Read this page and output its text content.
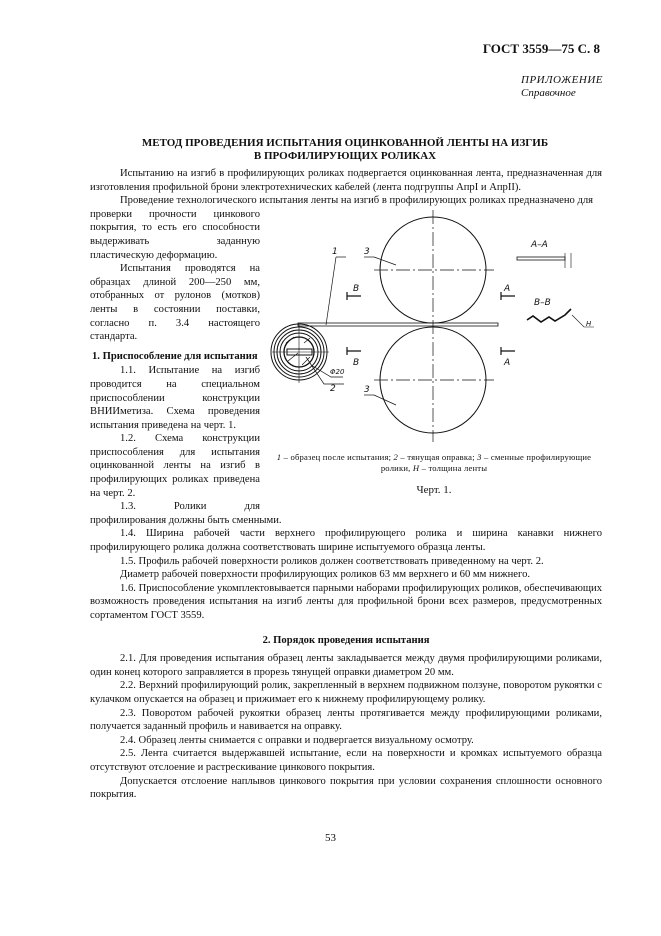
ГОСТ 3559—75 С. 8
ПРИЛОЖЕНИЕ
Справочное
МЕТОД ПРОВЕДЕНИЯ ИСПЫТАНИЯ ОЦИНКОВАННОЙ ЛЕНТЫ НА ИЗГИБ
В ПРОФИЛИРУЮЩИХ РОЛИКАХ

Испытанию на изгиб в профилирующих роликах подвергается оцинкованная лента, предназначенная для изготовления профильной брони электротехнических кабелей (лента подгруппы АпрI и АпрII).

Проведение технологического испытания ленты на изгиб в профилирующих роликах предназначено для

1	3
3
Φ20
2
В
В
А
А
А–А
В–В
Н
1 – образец после испытания; 2 – тянущая оправка; 3 – сменные профилирующие ролики, Н – толщина ленты
Черт. 1.

проверки прочности цинкового покрытия, то есть его способности выдерживать заданную пластическую деформацию.

Испытания проводятся на образцах длиной 200—250 мм, отобранных от рулонов (мотков) ленты в состоянии поставки, согласно п. 3.4 настоящего стандарта.

1. Приспособление для испытания

1.1. Испытание на изгиб проводится на специальном приспособлении конструкции ВНИИметиза. Схема проведения испытания приведена на черт. 1.

1.2. Схема конструкции приспособления для испытания оцинкованной ленты на изгиб в профилирующих роликах приведена на черт. 2.

1.3. Ролики для профилирования должны быть сменными.

1.4. Ширина рабочей части верхнего профилирующего ролика и ширина канавки нижнего профилирующего ролика должна соответствовать ширине испытуемого образца ленты.

1.5. Профиль рабочей поверхности роликов должен соответствовать приведенному на черт. 2.

Диаметр рабочей поверхности профилирующих роликов 63 мм верхнего и 60 мм нижнего.

1.6. Приспособление укомплектовывается парными наборами профилирующих роликов, обеспечивающих возможность проведения испытания на изгиб ленты для профильной брони всех размеров, предусмотренных сортаментом ГОСТ 3559.

2. Порядок проведения испытания

2.1. Для проведения испытания образец ленты закладывается между двумя профилирующими роликами, один конец которого заправляется в прорезь тянущей оправки диаметром 20 мм.

2.2. Верхний профилирующий ролик, закрепленный в верхнем подвижном ползуне, поворотом рукоятки с кулачком опускается на образец и прижимает его к нижнему профилирующему ролику.

2.3. Поворотом рабочей рукоятки образец ленты протягивается между профилирующими роликами, получается заданный профиль и навивается на оправку.

2.4. Образец ленты снимается с оправки и подвергается визуальному осмотру.

2.5. Лента считается выдержавшей испытание, если на поверхности и кромках испытуемого образца отсутствуют отслоение и растрескивание цинкового покрытия.

Допускается отслоение наплывов цинкового покрытия при условии сохранения сплошности основного покрытия.

53
